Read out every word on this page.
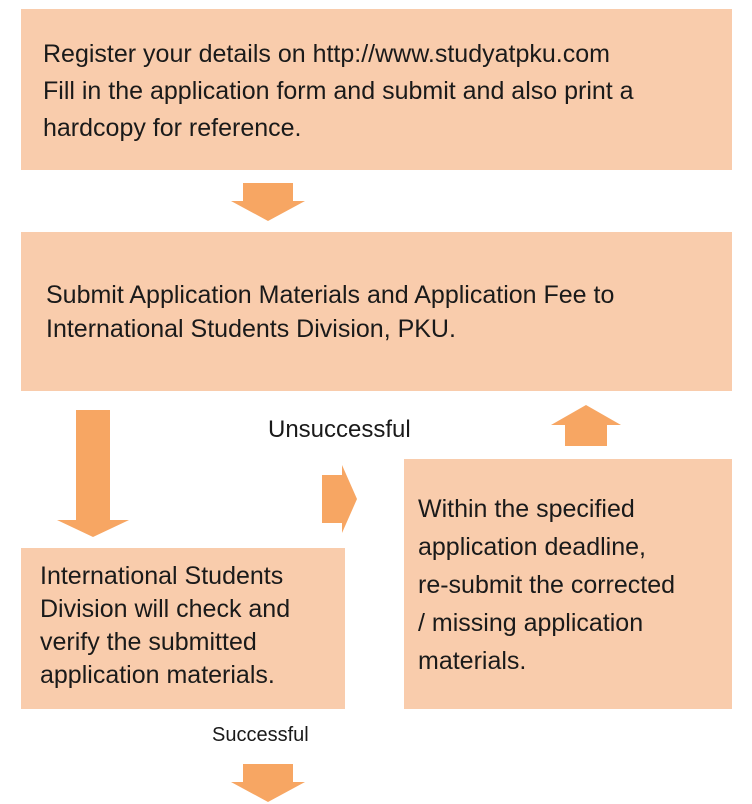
Register your details on http://www.studyatpku.com
Fill in the application form and submit and also print a
hardcopy for reference.

Submit Application Materials and Application Fee to
International Students Division, PKU.

Unsuccessful

International Students
Division will check and
verify the submitted
application materials.

Within the specified
application deadline,
re-submit the corrected
/ missing application
materials.

Successful
